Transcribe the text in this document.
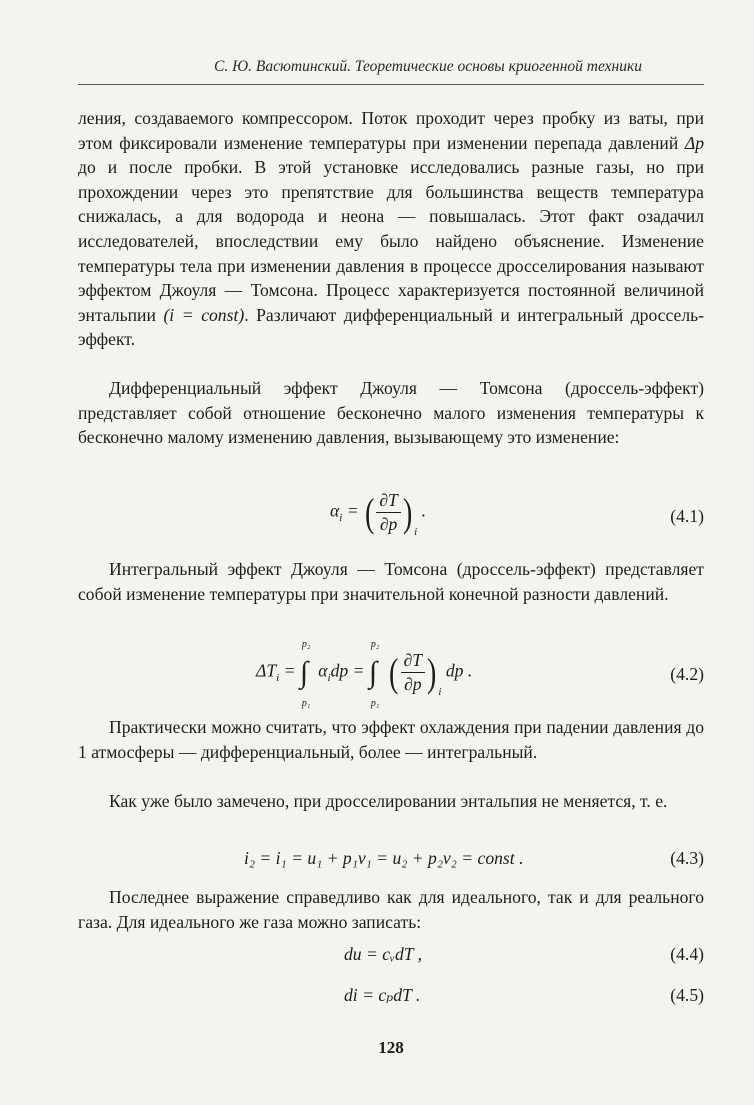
С. Ю. Васютинский. Теоретические основы криогенной техники
ления, создаваемого компрессором. Поток проходит через пробку из ваты, при этом фиксировали изменение температуры при изменении перепада давлений Δp до и после пробки. В этой установке исследовались разные газы, но при прохождении через это препятствие для большинства веществ температура снижалась, а для водорода и неона — повышалась. Этот факт озадачил исследователей, впоследствии ему было найдено объяснение. Изменение температуры тела при изменении давления в процессе дросселирования называют эффектом Джоуля — Томсона. Процесс характеризуется постоянной величиной энтальпии (i = const). Различают дифференциальный и интегральный дроссель-эффект.
Дифференциальный эффект Джоуля — Томсона (дроссель-эффект) представляет собой отношение бесконечно малого изменения температуры к бесконечно малому изменению давления, вызывающему это изменение:
$\alpha_i$ = ( $\frac{\partial T}{\partial p}$ ) $_i$ .	(4.1)
Интегральный эффект Джоуля — Томсона (дроссель-эффект) представляет собой изменение температуры при значительной конечной разности давлений.
$\Delta T_i$ =
p₂
∫
p₁
$\alpha_idp$ =
p₂
∫
p₁
( $\frac{\partial T}{\partial p}$ ) $_i$ dp .	(4.2)
Практически можно считать, что эффект охлаждения при падении давления до 1 атмосферы — дифференциальный, более — интегральный.
Как уже было замечено, при дросселировании энтальпия не меняется, т. е.
i₂ = i₁ = u₁ + p₁v₁ = u₂ + p₂v₂ = const .	(4.3)
Последнее выражение справедливо как для идеального, так и для реального газа. Для идеального же газа можно записать:
du = cᵥdT ,	(4.4)
di = cₚdT .	(4.5)
128
